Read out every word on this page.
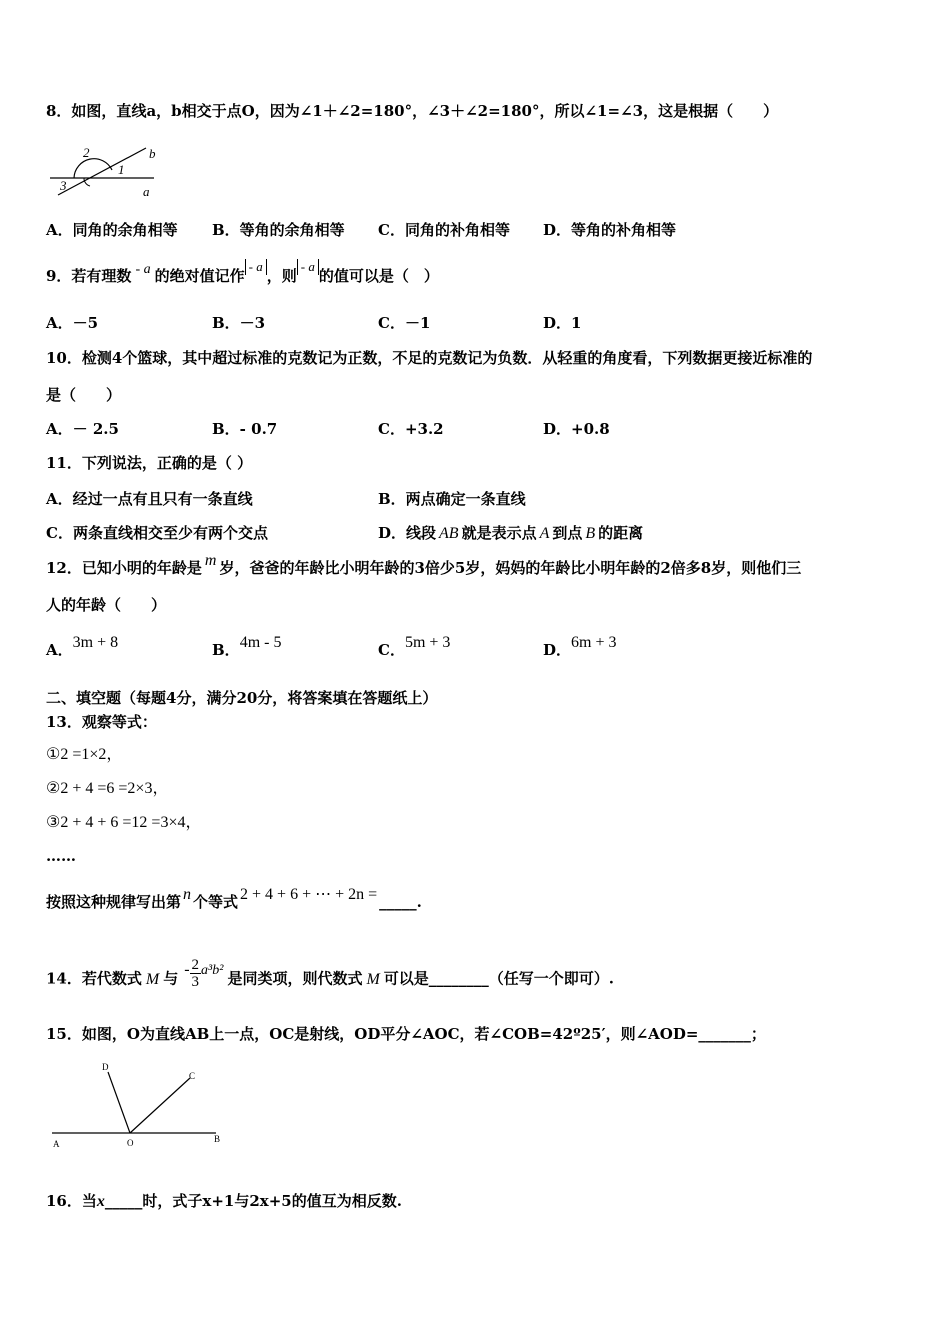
8．如图，直线a，b相交于点O，因为∠1＋∠2=180°，∠3＋∠2=180°，所以∠1=∠3，这是根据（　　）
2
1
3
b
a
A．同角的余角相等 B．等角的余角相等 C．同角的补角相等 D．等角的补角相等
9．若有理数 - a 的绝对值记作- a，则- a的值可以是（　）
A．－5	B．－3	C．－1	D．1
10．检测4个篮球，其中超过标准的克数记为正数，不足的克数记为负数．从轻重的角度看，下列数据更接近标准的
是（　　）
A．－ 2.5	B．- 0.7	C．+3.2	D．+0.8
11．下列说法，正确的是（ ）
A．经过一点有且只有一条直线	B．两点确定一条直线
C．两条直线相交至少有两个交点	D．线段 AB 就是表示点 A 到点 B 的距离
12．已知小明的年龄是 m 岁，爸爸的年龄比小明年龄的3倍少5岁，妈妈的年龄比小明年龄的2倍多8岁，则他们三
人的年龄（　　）
A．3m + 8	B．4m - 5	C．5m + 3	D．6m + 3
二、填空题（每题4分，满分20分，将答案填在答题纸上）
13．观察等式：
①2 =1×2，
②2 + 4 =6 =2×3，
③2 + 4 + 6 =12 =3×4，
……
按照这种规律写出第 n 个等式 2 + 4 + 6 + ⋯ + 2n = _____.
14．若代数式 M 与- $\frac{2}{3} a^3b^2$ 是同类项，则代数式 M 可以是________（任写一个即可）.
15．如图，O为直线AB上一点，OC是射线，OD平分∠AOC，若∠COB=42º25′，则∠AOD=_______；
D
C
A	O	B
16．当x_____时，式子x+1与2x+5的值互为相反数.
